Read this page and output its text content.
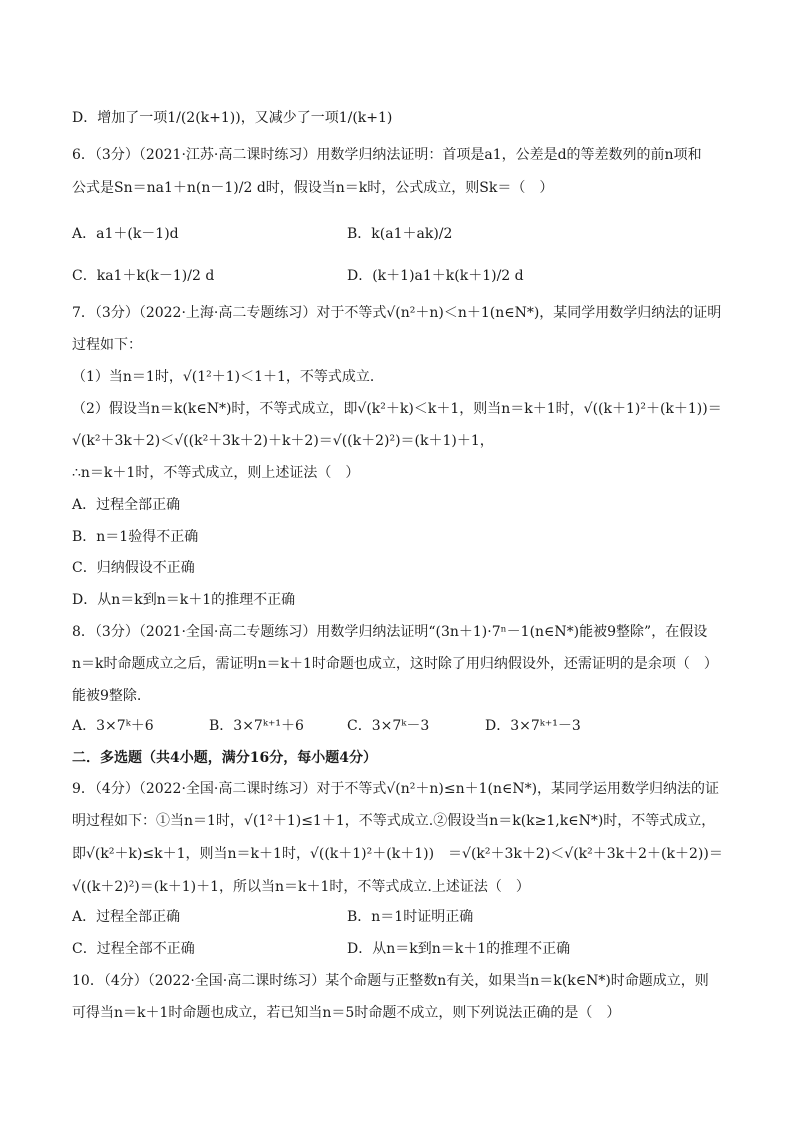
D．增加了一项1/(2(k+1))，又减少了一项1/(k+1)
6．（3分）（2021·江苏·高二课时练习）用数学归纳法证明：首项是a1，公差是d的等差数列的前n项和
公式是Sn＝na1＋n(n－1)/2 d时，假设当n＝k时，公式成立，则Sk＝（　）
A．a1＋(k－1)d	B．k(a1＋ak)/2
C．ka1＋k(k－1)/2 d	D．(k＋1)a1＋k(k＋1)/2 d
7．（3分）（2022·上海·高二专题练习）对于不等式√(n²＋n)＜n＋1(n∈N*)，某同学用数学归纳法的证明
过程如下：
（1）当n＝1时，√(1²＋1)＜1＋1，不等式成立．
（2）假设当n＝k(k∈N*)时，不等式成立，即√(k²＋k)＜k＋1，则当n＝k＋1时，√((k＋1)²＋(k＋1))＝
√(k²＋3k＋2)＜√((k²＋3k＋2)＋k＋2)＝√((k＋2)²)＝(k＋1)＋1，
∴n＝k＋1时，不等式成立，则上述证法（　）
A．过程全部正确
B．n＝1验得不正确
C．归纳假设不正确
D．从n＝k到n＝k＋1的推理不正确
8．（3分）（2021·全国·高二专题练习）用数学归纳法证明“(3n＋1)·7ⁿ－1(n∈N*)能被9整除”，在假设
n＝k时命题成立之后，需证明n＝k＋1时命题也成立，这时除了用归纳假设外，还需证明的是余项（　）
能被9整除.
A．3×7ᵏ＋6	B．3×7ᵏ⁺¹＋6	C．3×7ᵏ－3	D．3×7ᵏ⁺¹－3
二．多选题（共4小题，满分16分，每小题4分）
9．（4分）（2022·全国·高二课时练习）对于不等式√(n²＋n)≤n＋1(n∈N*)，某同学运用数学归纳法的证
明过程如下：①当n＝1时，√(1²＋1)≤1＋1，不等式成立.②假设当n＝k(k≥1,k∈N*)时，不等式成立，
即√(k²＋k)≤k＋1，则当n＝k＋1时，√((k＋1)²＋(k＋1))　＝√(k²＋3k＋2)＜√(k²＋3k＋2＋(k＋2))＝
√((k＋2)²)＝(k＋1)＋1，所以当n＝k＋1时，不等式成立.上述证法（　）
A．过程全部正确	B．n＝1时证明正确
C．过程全部不正确	D．从n＝k到n＝k＋1的推理不正确
10．（4分）（2022·全国·高二课时练习）某个命题与正整数n有关，如果当n＝k(k∈N*)时命题成立，则
可得当n＝k＋1时命题也成立，若已知当n＝5时命题不成立，则下列说法正确的是（　）
